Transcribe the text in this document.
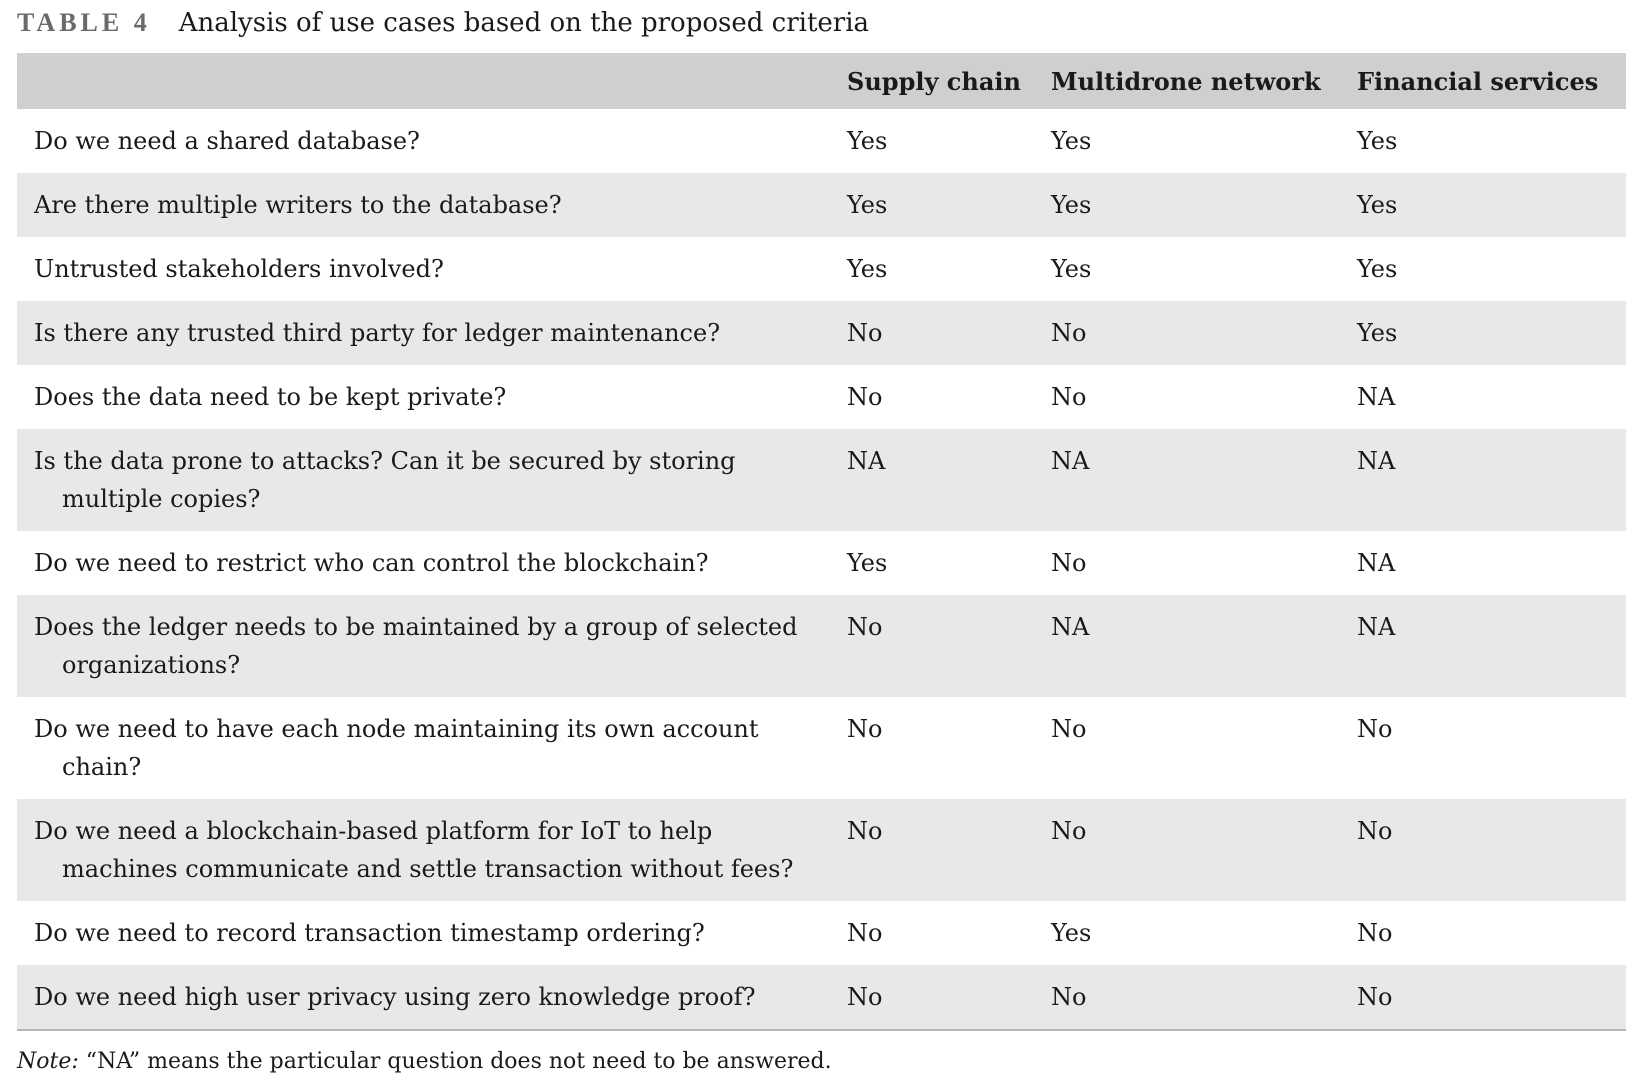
TABLE 4 Analysis of use cases based on the proposed criteria
	Supply chain	Multidrone network	Financial services

Do we need a shared database?	Yes	Yes	Yes

Are there multiple writers to the database?	Yes	Yes	Yes

Untrusted stakeholders involved?	Yes	Yes	Yes

Is there any trusted third party for ledger maintenance?	No	No	Yes

Does the data need to be kept private?	No	No	NA

Is the data prone to attacks? Can it be secured by storing multiple copies?	NA	NA	NA

Do we need to restrict who can control the blockchain?	Yes	No	NA

Does the ledger needs to be maintained by a group of selected organizations?	No	NA	NA

Do we need to have each node maintaining its own account chain?	No	No	No

Do we need a blockchain-based platform for IoT to help machines communicate and settle transaction without fees?	No	No	No

Do we need to record transaction timestamp ordering?	No	Yes	No

Do we need high user privacy using zero knowledge proof?	No	No	No
Note: “NA” means the particular question does not need to be answered.
